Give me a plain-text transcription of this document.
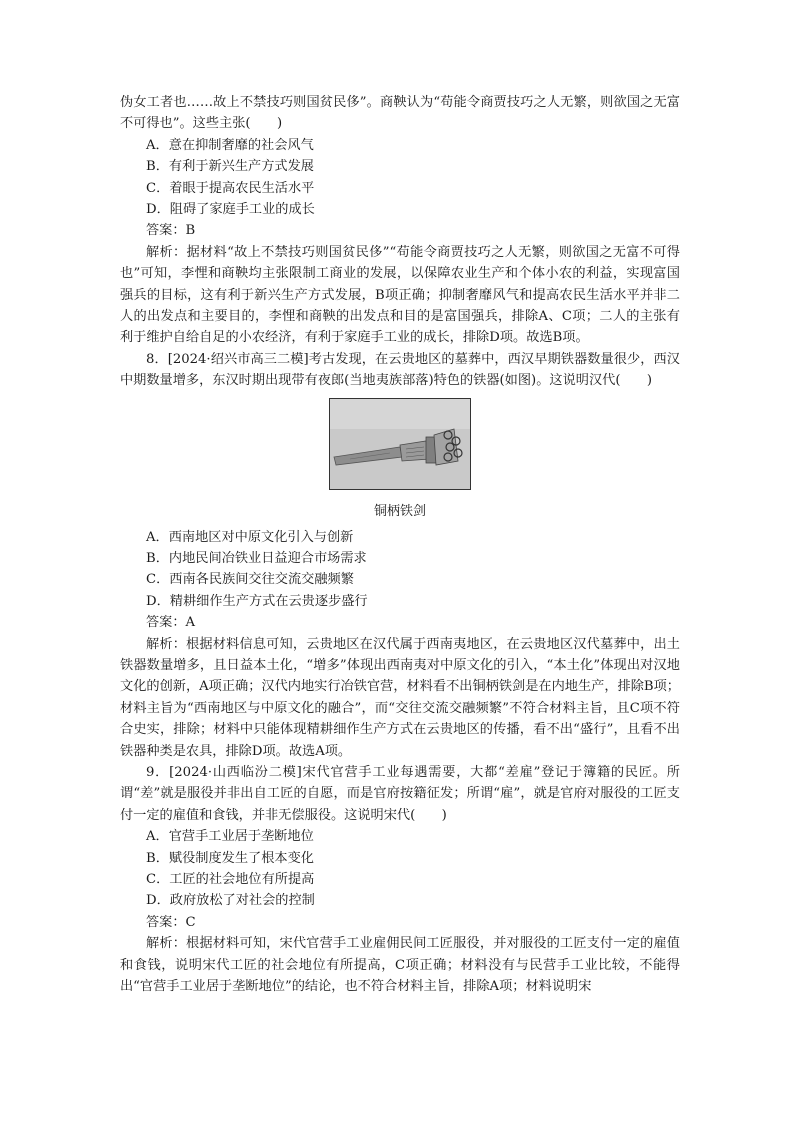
伪女工者也……故上不禁技巧则国贫民侈”。商鞅认为“苟能令商贾技巧之人无繁，则欲国之无富不可得也”。这些主张(　　)

A．意在抑制奢靡的社会风气

B．有利于新兴生产方式发展

C．着眼于提高农民生活水平

D．阻碍了家庭手工业的成长

答案：B

解析：据材料“故上不禁技巧则国贫民侈”“苟能令商贾技巧之人无繁，则欲国之无富不可得也”可知，李悝和商鞅均主张限制工商业的发展，以保障农业生产和个体小农的利益，实现富国强兵的目标，这有利于新兴生产方式发展，B项正确；抑制奢靡风气和提高农民生活水平并非二人的出发点和主要目的，李悝和商鞅的出发点和目的是富国强兵，排除A、C项；二人的主张有利于维护自给自足的小农经济，有利于家庭手工业的成长，排除D项。故选B项。

8．[2024·绍兴市高三二模]考古发现，在云贵地区的墓葬中，西汉早期铁器数量很少，西汉中期数量增多，东汉时期出现带有夜郎(当地夷族部落)特色的铁器(如图)。这说明汉代(　　)

铜柄铁剑

A．西南地区对中原文化引入与创新

B．内地民间冶铁业日益迎合市场需求

C．西南各民族间交往交流交融频繁

D．精耕细作生产方式在云贵逐步盛行

答案：A

解析：根据材料信息可知，云贵地区在汉代属于西南夷地区，在云贵地区汉代墓葬中，出土铁器数量增多，且日益本土化，“增多”体现出西南夷对中原文化的引入，“本土化”体现出对汉地文化的创新，A项正确；汉代内地实行冶铁官营，材料看不出铜柄铁剑是在内地生产，排除B项；材料主旨为“西南地区与中原文化的融合”，而“交往交流交融频繁”不符合材料主旨，且C项不符合史实，排除；材料中只能体现精耕细作生产方式在云贵地区的传播，看不出“盛行”，且看不出铁器种类是农具，排除D项。故选A项。

9．[2024·山西临汾二模]宋代官营手工业每遇需要，大都“差雇”登记于簿籍的民匠。所谓“差”就是服役并非出自工匠的自愿，而是官府按籍征发；所谓“雇”，就是官府对服役的工匠支付一定的雇值和食钱，并非无偿服役。这说明宋代(　　)

A．官营手工业居于垄断地位

B．赋役制度发生了根本变化

C．工匠的社会地位有所提高

D．政府放松了对社会的控制

答案：C

解析：根据材料可知，宋代官营手工业雇佣民间工匠服役，并对服役的工匠支付一定的雇值和食钱，说明宋代工匠的社会地位有所提高，C项正确；材料没有与民营手工业比较，不能得出“官营手工业居于垄断地位”的结论，也不符合材料主旨，排除A项；材料说明宋
